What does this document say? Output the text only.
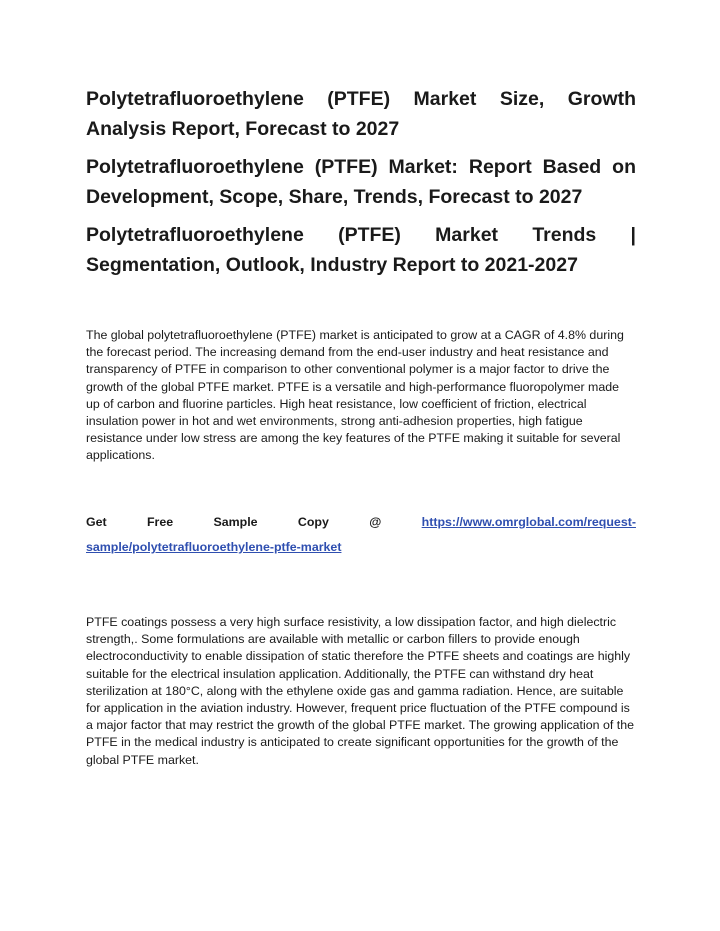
Polytetrafluoroethylene (PTFE) Market Size, Growth Analysis Report, Forecast to 2027
Polytetrafluoroethylene (PTFE) Market: Report Based on Development, Scope, Share, Trends, Forecast to 2027
Polytetrafluoroethylene (PTFE) Market Trends | Segmentation, Outlook, Industry Report to 2021-2027

The global polytetrafluoroethylene (PTFE) market is anticipated to grow at a CAGR of 4.8% during the forecast period. The increasing demand from the end-user industry and heat resistance and transparency of PTFE in comparison to other conventional polymer is a major factor to drive the growth of the global PTFE market. PTFE is a versatile and high-performance fluoropolymer made up of carbon and fluorine particles. High heat resistance, low coefficient of friction, electrical insulation power in hot and wet environments, strong anti-adhesion properties, high fatigue resistance under low stress are among the key features of the PTFE making it suitable for several applications.

Get	Free	Sample	Copy	@	https://www.omrglobal.com/request-
sample/polytetrafluoroethylene-ptfe-market

PTFE coatings possess a very high surface resistivity, a low dissipation factor, and high dielectric strength,. Some formulations are available with metallic or carbon fillers to provide enough electroconductivity to enable dissipation of static therefore the PTFE sheets and coatings are highly suitable for the electrical insulation application. Additionally, the PTFE can withstand dry heat sterilization at 180°C, along with the ethylene oxide gas and gamma radiation. Hence, are suitable for application in the aviation industry. However, frequent price fluctuation of the PTFE compound is a major factor that may restrict the growth of the global PTFE market. The growing application of the PTFE in the medical industry is anticipated to create significant opportunities for the growth of the global PTFE market.
